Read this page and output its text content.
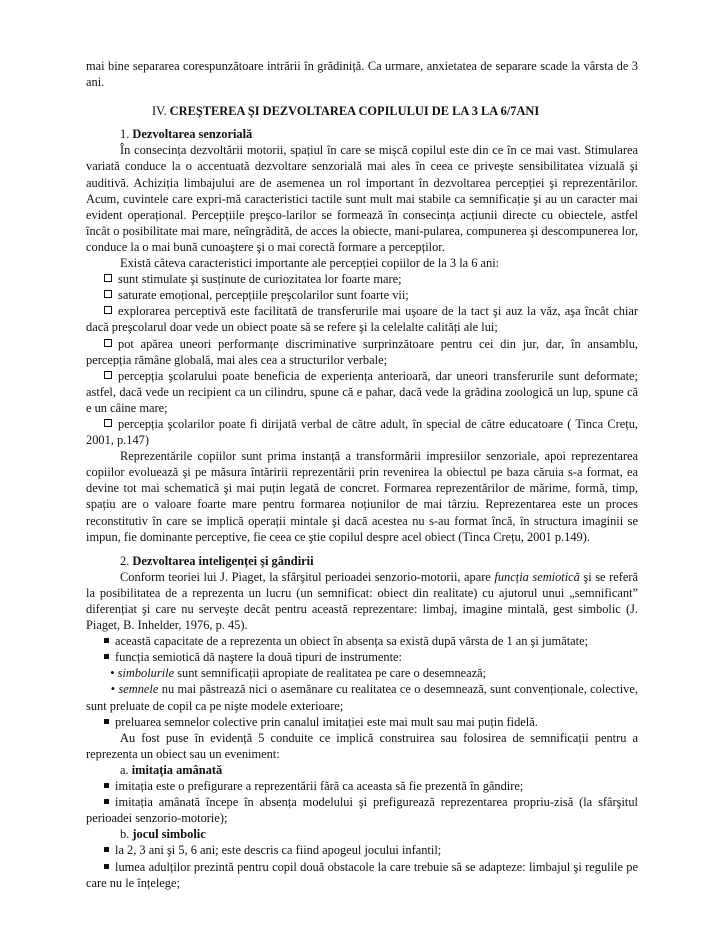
mai bine separarea corespunzătoare intrării în grădiniță. Ca urmare, anxietatea de separare scade la vârsta de 3 ani.

IV. CREŞTEREA ŞI DEZVOLTAREA COPILULUI DE LA 3 LA 6/7ANI

1. Dezvoltarea senzorială

În consecința dezvoltării motorii, spațiul în care se mișcă copilul este din ce în ce mai vast. Stimularea variată conduce la o accentuată dezvoltare senzorială mai ales în ceea ce privește sensibilitatea vizuală şi auditivă. Achiziția limbajului are de asemenea un rol important în dezvoltarea percepției şi reprezentărilor. Acum, cuvintele care expri-mă caracteristici tactile sunt mult mai stabile ca semnificație şi au un caracter mai evident operațional. Percepțiile preşco-larilor se formează în consecința acțiunii directe cu obiectele, astfel încât o posibilitate mai mare, neîngrădită, de acces la obiecte, mani-pularea, compunerea şi descompunerea lor, conduce la o mai bună cunoaştere şi o mai corectă formare a percepților.

Există câteva caracteristici importante ale percepției copiilor de la 3 la 6 ani:

sunt stimulate şi susținute de curiozitatea lor foarte mare;

saturate emoțional, percepțiile preşcolarilor sunt foarte vii;

explorarea perceptivă este facilitată de transferurile mai uşoare de la tact şi auz la văz, aşa încât chiar dacă preşcolarul doar vede un obiect poate să se refere şi la celelalte calități ale lui;

pot apărea uneori performanțe discriminative surprinzătoare pentru cei din jur, dar, în ansamblu, percepția rămâne globală, mai ales cea a structurilor verbale;

percepția şcolarului poate beneficia de experiența anterioară, dar uneori transferurile sunt deformate; astfel, dacă vede un recipient ca un cilindru, spune că e pahar, dacă vede la grădina zoologică un lup, spune că e un câine mare;

percepția şcolarilor poate fi dirijată verbal de către adult, în special de către educatoare ( Tinca Crețu, 2001, p.147)

Reprezentările copiilor sunt prima instanță a transformării impresiilor senzoriale, apoi reprezentarea copiilor evoluează şi pe măsura întăririi reprezentării prin revenirea la obiectul pe baza căruia s-a format, ea devine tot mai schematică şi mai puțin legată de concret. Formarea reprezentărilor de mărime, formă, timp, spațiu are o valoare foarte mare pentru formarea noțiunilor de mai târziu. Reprezentarea este un proces reconstitutiv în care se implică operații mintale şi dacă acestea nu s-au format încă, în structura imaginii se impun, fie dominante perceptive, fie ceea ce ştie copilul despre acel obiect (Tinca Crețu, 2001 p.149).

2. Dezvoltarea inteligenței şi gândirii

Conform teoriei lui J. Piaget, la sfârşitul perioadei senzorio-motorii, apare funcția semiotică şi se referă la posibilitatea de a reprezenta un lucru (un semnificat: obiect din realitate) cu ajutorul unui „semnificant” diferențiat şi care nu serveşte decât pentru această reprezentare: limbaj, imagine mintală, gest simbolic (J. Piaget, B. Inhelder, 1976, p. 45).

această capacitate de a reprezenta un obiect în absența sa există după vârsta de 1 an şi jumătate;

funcția semiotică dă naştere la două tipuri de instrumente:

• simbolurile sunt semnificații apropiate de realitatea pe care o desemnează;

• semnele nu mai păstrează nici o asemănare cu realitatea ce o desemnează, sunt convenționale, colective, sunt preluate de copil ca pe nişte modele exterioare;

preluarea semnelor colective prin canalul imitației este mai mult sau mai puțin fidelă.

Au fost puse în evidență 5 conduite ce implică construirea sau folosirea de semnificații pentru a reprezenta un obiect sau un eveniment:

a. imitația amânată

imitația este o prefigurare a reprezentării fără ca aceasta să fie prezentă în gândire;

imitația amânată începe în absența modelului şi prefigurează reprezentarea propriu-zisă (la sfârşitul perioadei senzorio-motorie);

b. jocul simbolic

la 2, 3 ani şi 5, 6 ani; este descris ca fiind apogeul jocului infantil;

lumea adulților prezintă pentru copil două obstacole la care trebuie să se adapteze: limbajul şi regulile pe care nu le înțelege;
